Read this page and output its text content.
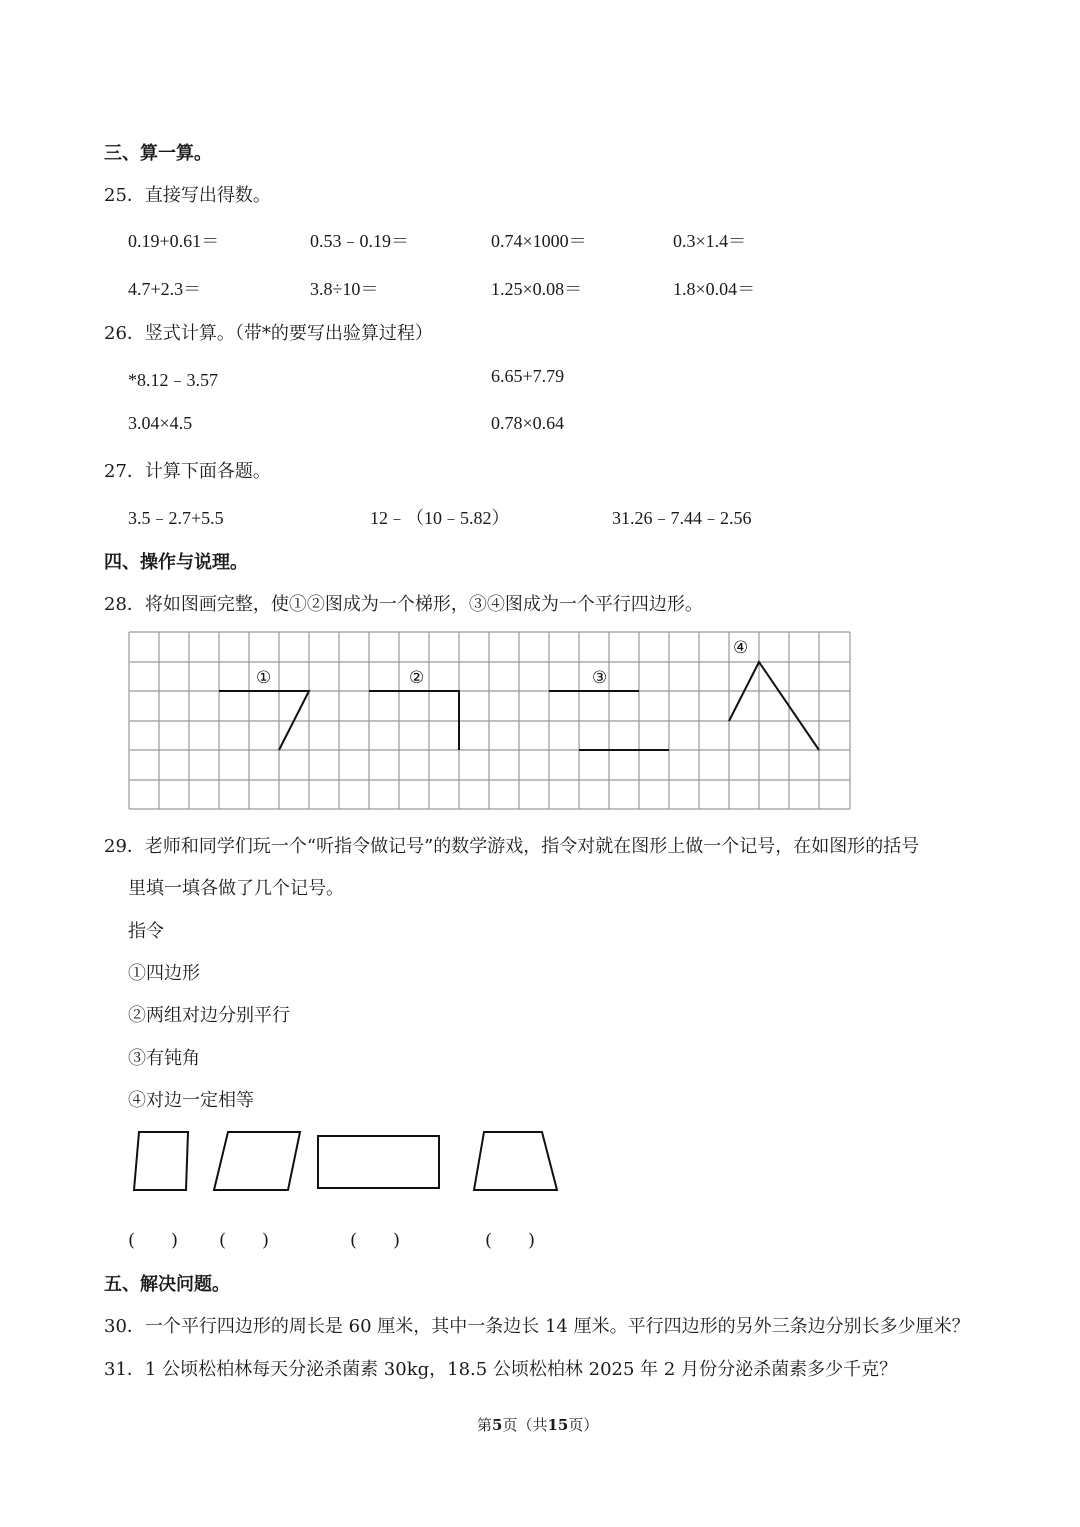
三、算一算。
25．直接写出得数。
0.19+0.61＝	0.53﹣0.19＝	0.74×1000＝	0.3×1.4＝
4.7+2.3＝	3.8÷10＝	1.25×0.08＝	1.8×0.04＝
26．竖式计算。（带*的要写出验算过程）
*8.12﹣3.57	6.65+7.79
3.04×4.5	0.78×0.64
27．计算下面各题。
3.5﹣2.7+5.5	12﹣（10﹣5.82）	31.26﹣7.44﹣2.56
四、操作与说理。
28．将如图画完整，使①②图成为一个梯形，③④图成为一个平行四边形。
①	②	③
④
29．老师和同学们玩一个“听指令做记号”的数学游戏，指令对就在图形上做一个记号，在如图形的括号
里填一填各做了几个记号。
指令
①四边形
②两组对边分别平行
③有钝角
④对边一定相等
(　　) (　　)	(　　)	(　　)
五、解决问题。
30．一个平行四边形的周长是 60 厘米，其中一条边长 14 厘米。平行四边形的另外三条边分别长多少厘米？
31．1 公顷松柏林每天分泌杀菌素 30kg，18.5 公顷松柏林 2025 年 2 月份分泌杀菌素多少千克？
第5页（共15页）
